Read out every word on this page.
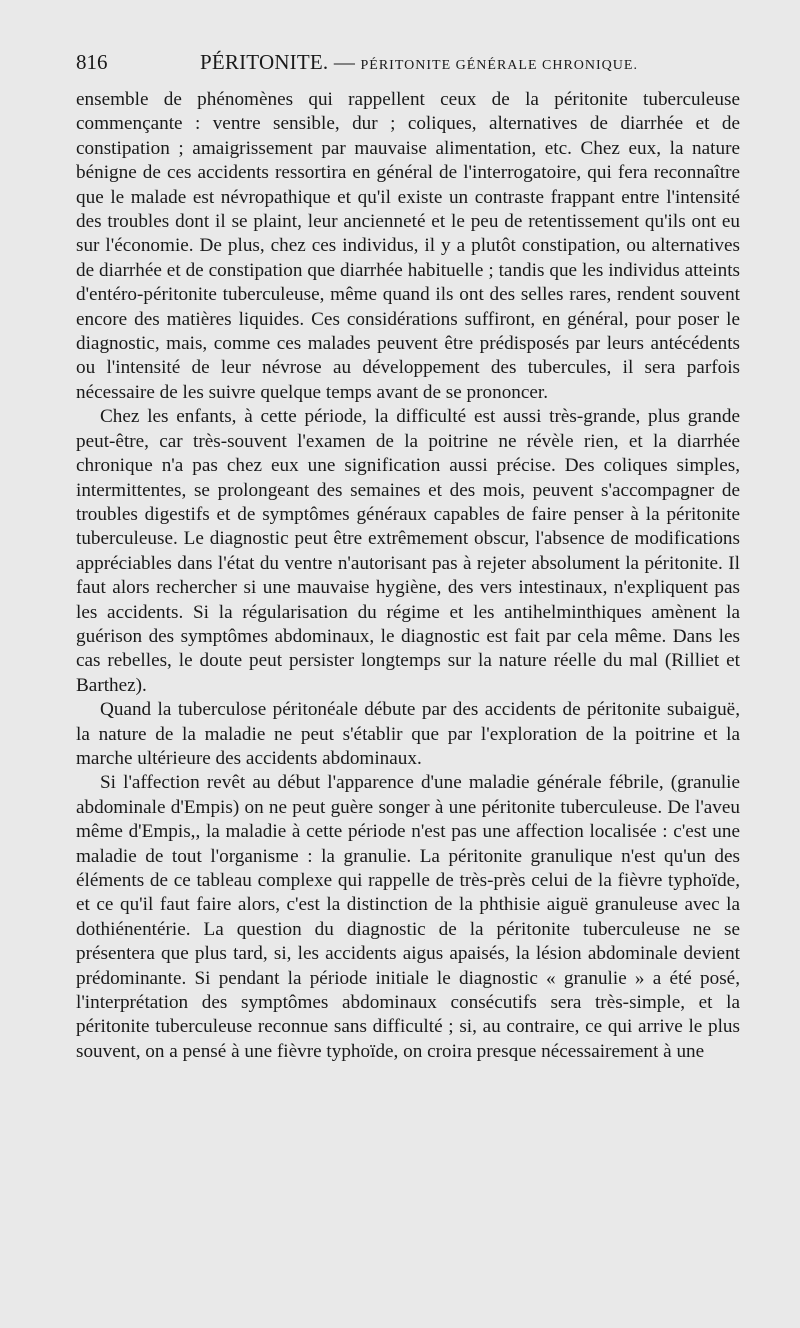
816	PÉRITONITE. — PÉRITONITE GÉNÉRALE CHRONIQUE.

ensemble de phénomènes qui rappellent ceux de la péritonite tuberculeuse commençante : ventre sensible, dur ; coliques, alternatives de diarrhée et de constipation ; amaigrissement par mauvaise alimentation, etc. Chez eux, la nature bénigne de ces accidents ressortira en général de l'interrogatoire, qui fera reconnaître que le malade est névropathique et qu'il existe un contraste frappant entre l'intensité des troubles dont il se plaint, leur ancienneté et le peu de retentissement qu'ils ont eu sur l'économie. De plus, chez ces individus, il y a plutôt constipation, ou alternatives de diarrhée et de constipation que diarrhée habituelle ; tandis que les individus atteints d'entéro-péritonite tuberculeuse, même quand ils ont des selles rares, rendent souvent encore des matières liquides. Ces considérations suffiront, en général, pour poser le diagnostic, mais, comme ces malades peuvent être prédisposés par leurs antécédents ou l'intensité de leur névrose au développement des tubercules, il sera parfois nécessaire de les suivre quelque temps avant de se prononcer.

Chez les enfants, à cette période, la difficulté est aussi très-grande, plus grande peut-être, car très-souvent l'examen de la poitrine ne révèle rien, et la diarrhée chronique n'a pas chez eux une signification aussi précise. Des coliques simples, intermittentes, se prolongeant des semaines et des mois, peuvent s'accompagner de troubles digestifs et de symptômes généraux capables de faire penser à la péritonite tuberculeuse. Le diagnostic peut être extrêmement obscur, l'absence de modifications appréciables dans l'état du ventre n'autorisant pas à rejeter absolument la péritonite. Il faut alors rechercher si une mauvaise hygiène, des vers intestinaux, n'expliquent pas les accidents. Si la régularisation du régime et les antihelminthiques amènent la guérison des symptômes abdominaux, le diagnostic est fait par cela même. Dans les cas rebelles, le doute peut persister longtemps sur la nature réelle du mal (Rilliet et Barthez).

Quand la tuberculose péritonéale débute par des accidents de péritonite subaiguë, la nature de la maladie ne peut s'établir que par l'exploration de la poitrine et la marche ultérieure des accidents abdominaux.

Si l'affection revêt au début l'apparence d'une maladie générale fébrile, (granulie abdominale d'Empis) on ne peut guère songer à une péritonite tuberculeuse. De l'aveu même d'Empis,, la maladie à cette période n'est pas une affection localisée : c'est une maladie de tout l'organisme : la granulie. La péritonite granulique n'est qu'un des éléments de ce tableau complexe qui rappelle de très-près celui de la fièvre typhoïde, et ce qu'il faut faire alors, c'est la distinction de la phthisie aiguë granuleuse avec la dothiénentérie. La question du diagnostic de la péritonite tuberculeuse ne se présentera que plus tard, si, les accidents aigus apaisés, la lésion abdominale devient prédominante. Si pendant la période initiale le diagnostic « granulie » a été posé, l'interprétation des symptômes abdominaux consécutifs sera très-simple, et la péritonite tuberculeuse reconnue sans difficulté ; si, au contraire, ce qui arrive le plus souvent, on a pensé à une fièvre typhoïde, on croira presque nécessairement à une
